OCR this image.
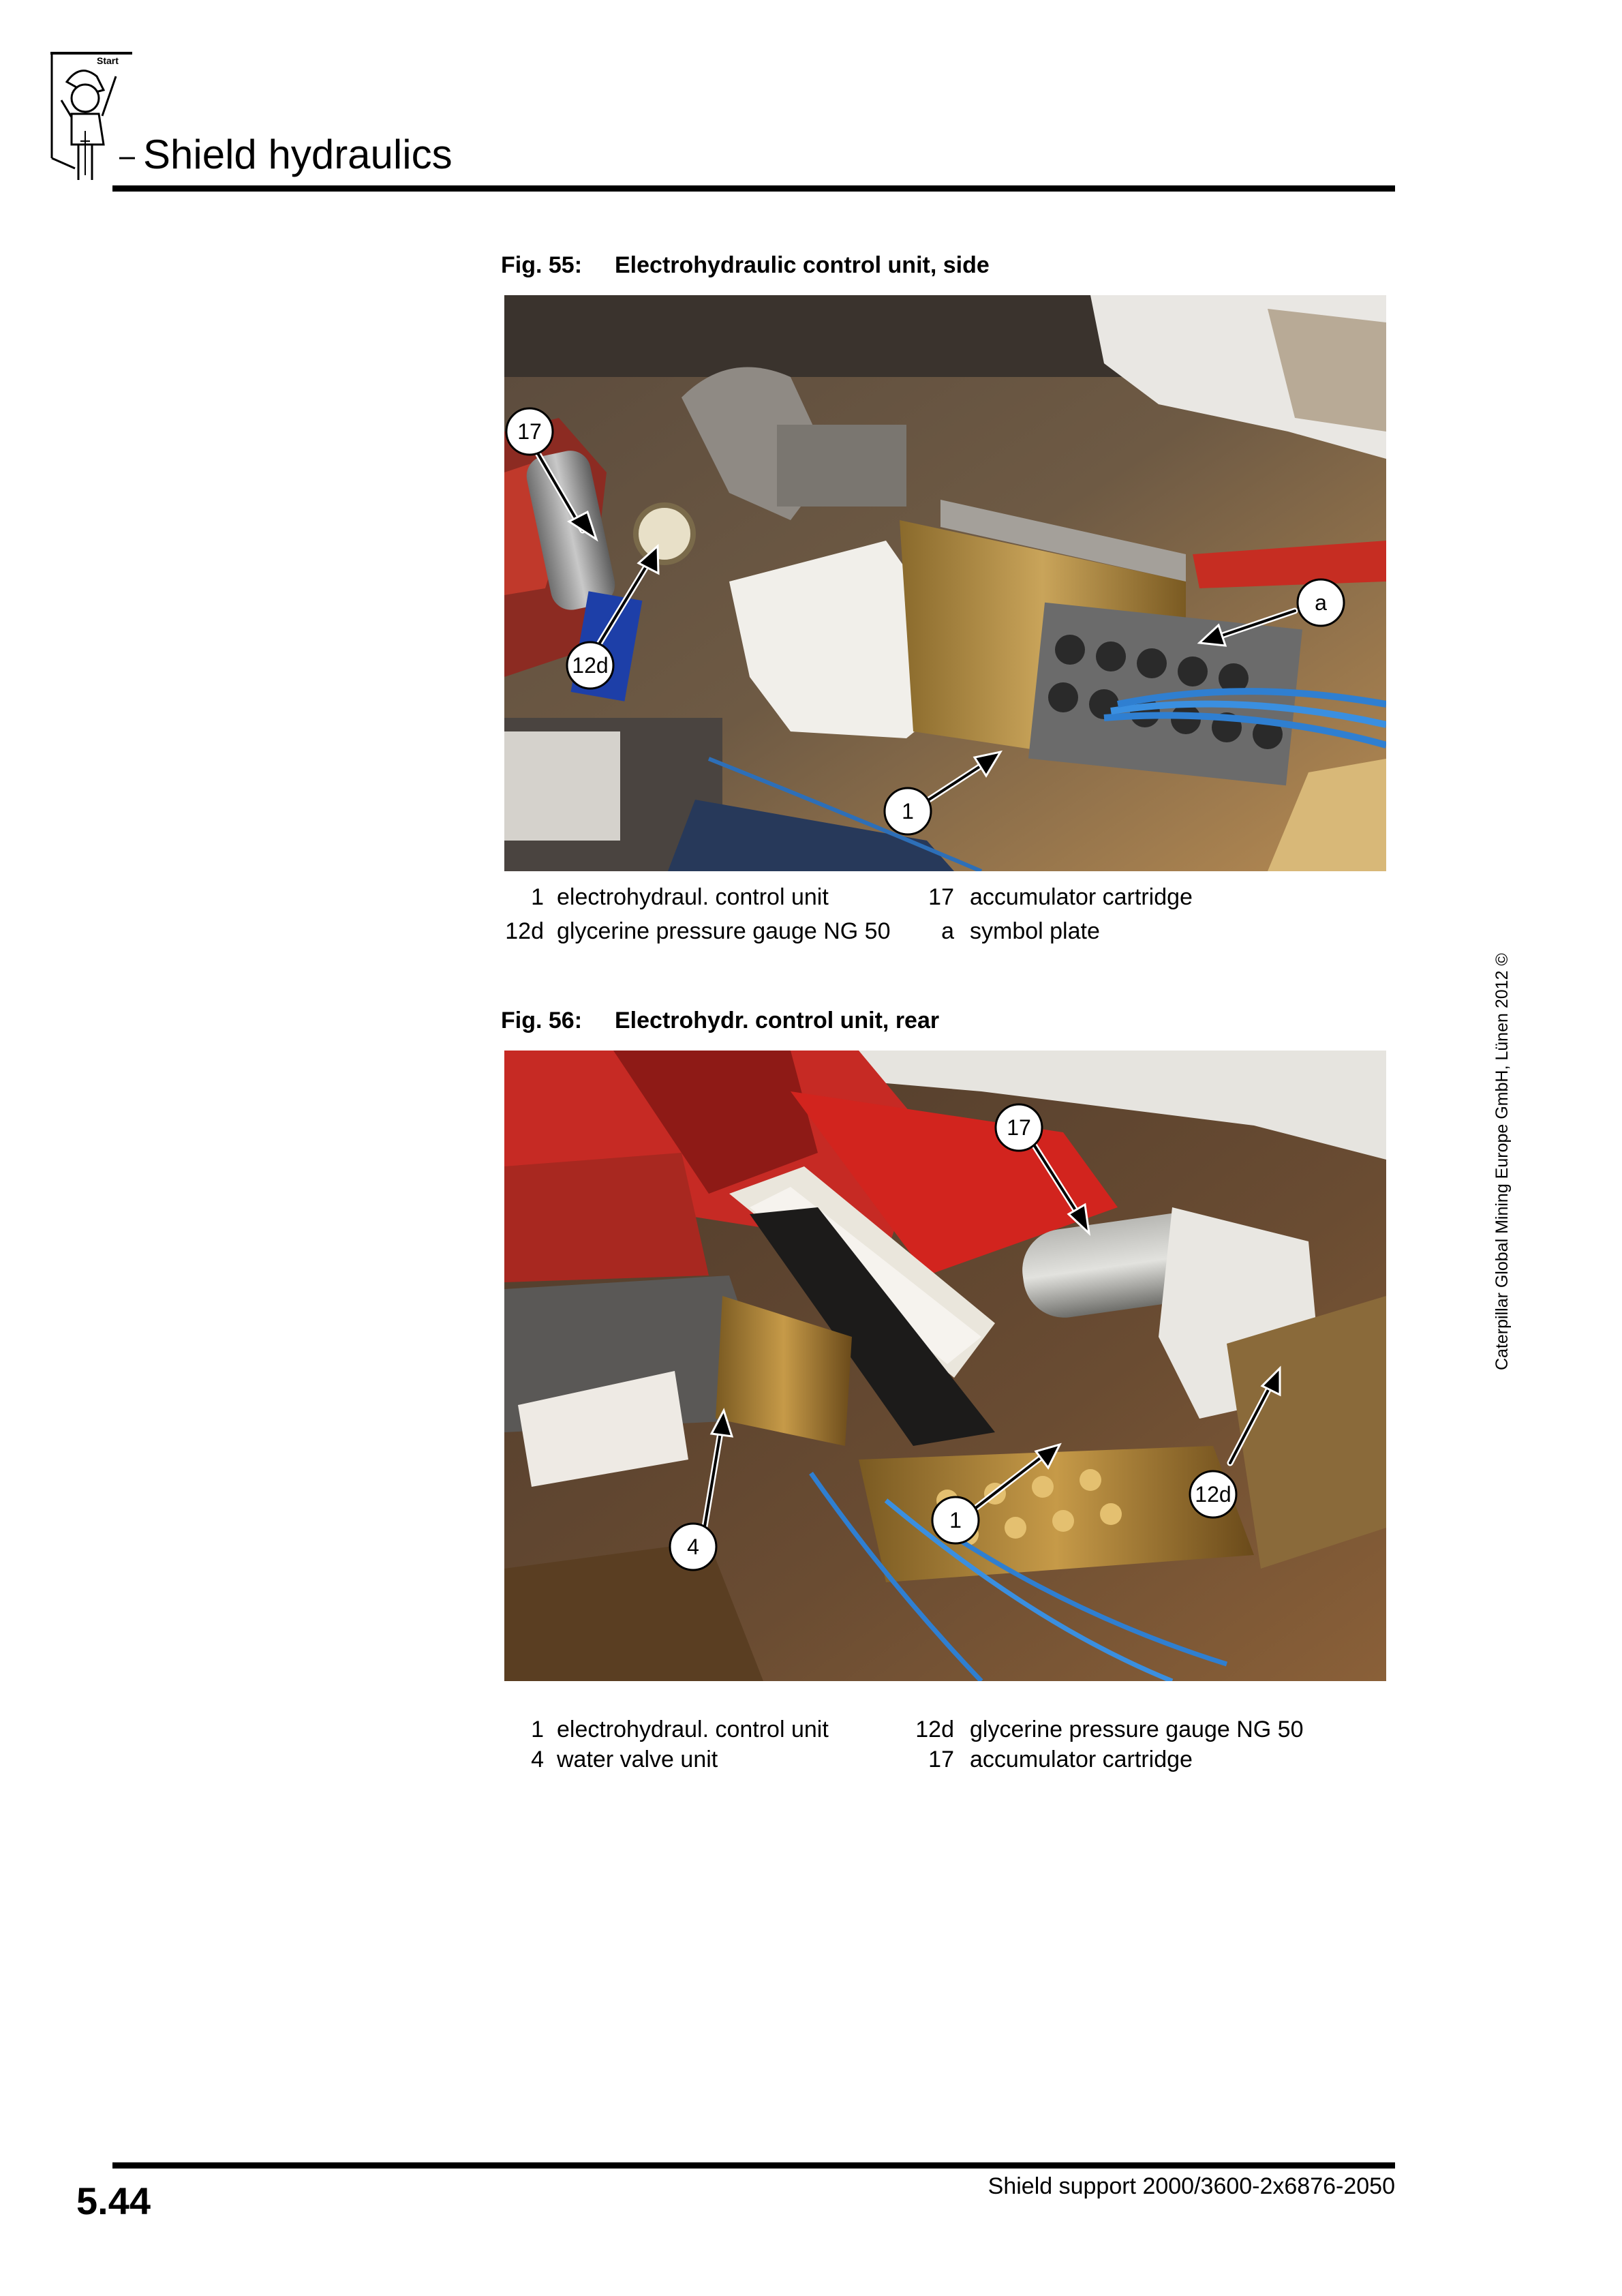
Start
Shield hydraulics
Fig. 55: Electrohydraulic control unit, side
17
12d
a
1
1 electrohydraul. control unit	17 accumulator cartridge
12d glycerine pressure gauge NG 50	a symbol plate
Fig. 56: Electrohydr. control unit, rear
17
12d
1
4
1 electrohydraul. control unit	12d glycerine pressure gauge NG 50
4 water valve unit	17 accumulator cartridge
Caterpillar Global Mining Europe GmbH, Lünen 2012 ©
5.44	Shield support 2000/3600-2x6876-2050
